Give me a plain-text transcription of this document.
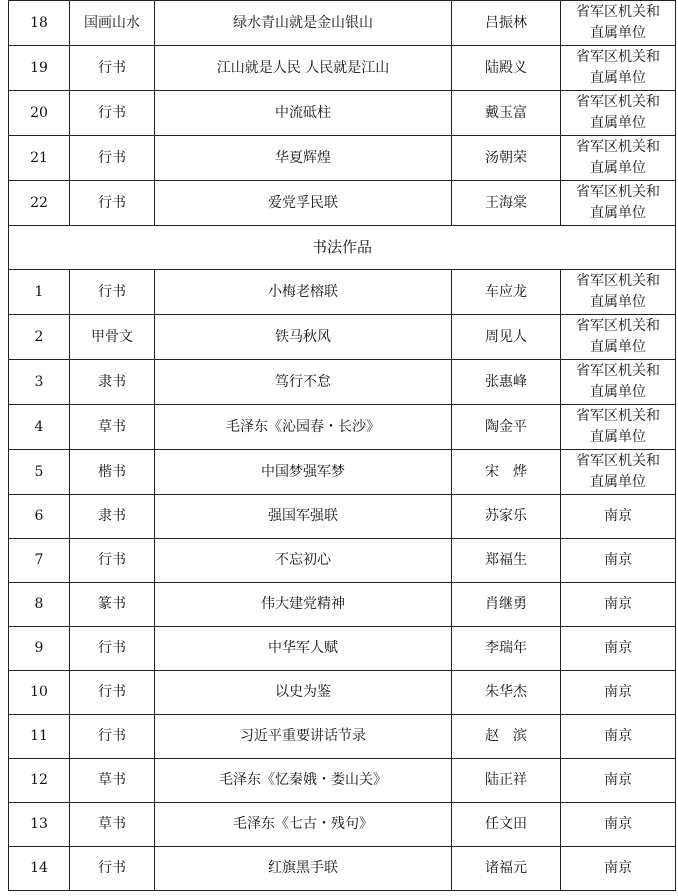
18	国画山水	绿水青山就是金山银山	吕振林	省军区机关和
直属单位

19	行书	江山就是人民 人民就是江山	陆殿义	省军区机关和
直属单位

20	行书	中流砥柱	戴玉富	省军区机关和
直属单位

21	行书	华夏辉煌	汤朝荣	省军区机关和
直属单位

22	行书	爱党孚民联	王海棠	省军区机关和
直属单位

书法作品				
1	行书	小梅老榕联	车应龙	省军区机关和
直属单位

2	甲骨文	铁马秋风	周见人	省军区机关和
直属单位

3	隶书	笃行不怠	张惠峰	省军区机关和
直属单位

4	草书	毛泽东《沁园春・长沙》	陶金平	省军区机关和
直属单位

5	楷书	中国梦强军梦	宋　烨	省军区机关和
直属单位

6	隶书	强国军强联	苏家乐	南京

7	行书	不忘初心	郑福生	南京

8	篆书	伟大建党精神	肖继勇	南京

9	行书	中华军人赋	李瑞年	南京

10	行书	以史为鉴	朱华杰	南京

11	行书	习近平重要讲话节录	赵　滨	南京

12	草书	毛泽东《忆秦娥・娄山关》	陆正祥	南京

13	草书	毛泽东《七古・残句》	任文田	南京

14	行书	红旗黑手联	诸福元	南京
